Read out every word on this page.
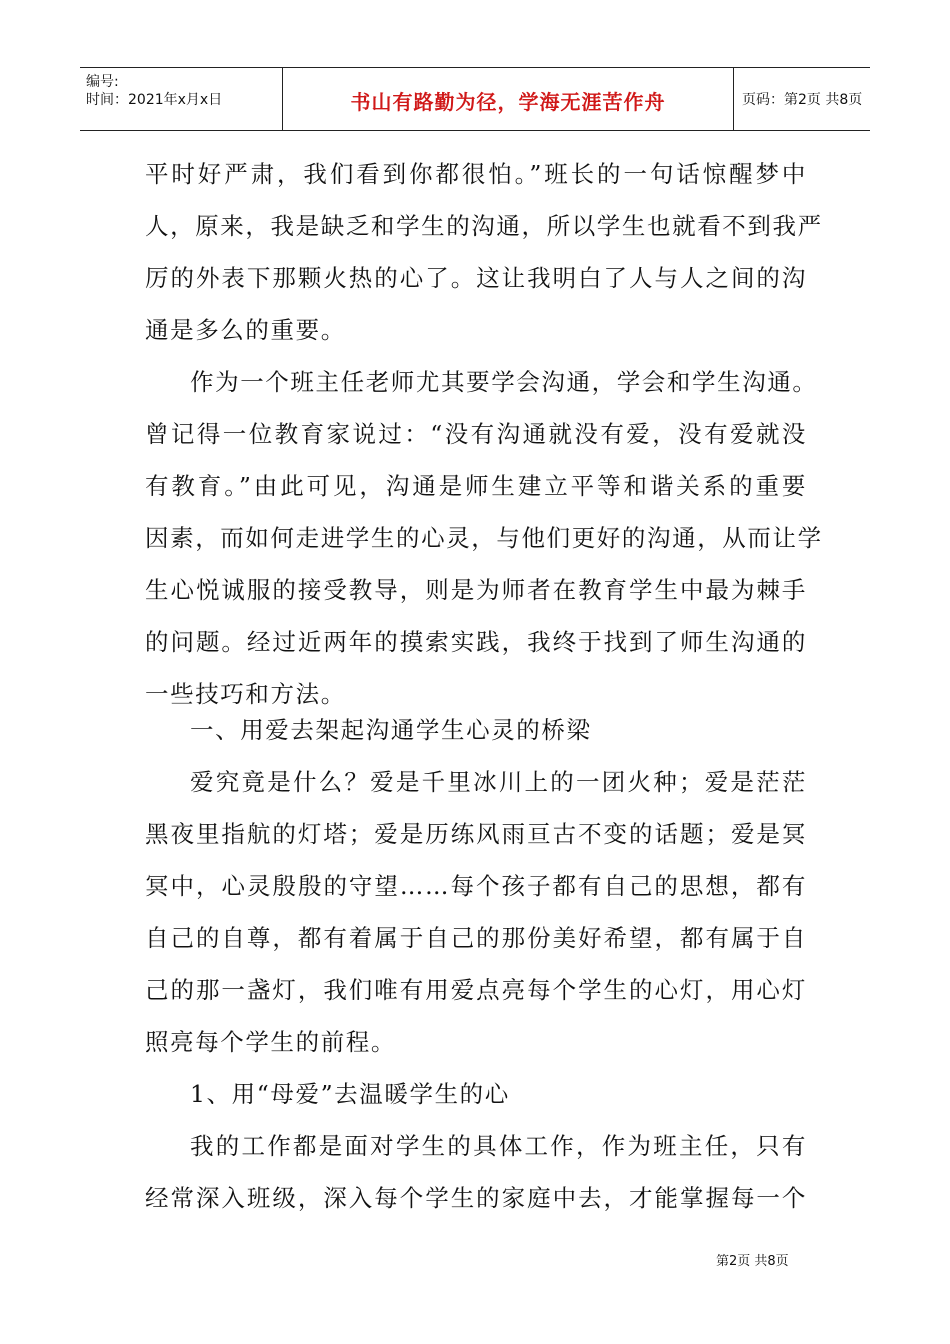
编号:
时间：2021年x月x日	书山有路勤为径，学海无涯苦作舟	页码：第2页 共8页
平时好严肃，我们看到你都很怕。”班长的一句话惊醒梦中
人，原来，我是缺乏和学生的沟通，所以学生也就看不到我严
厉的外表下那颗火热的心了。这让我明白了人与人之间的沟
通是多么的重要。
作为一个班主任老师尤其要学会沟通，学会和学生沟通。
曾记得一位教育家说过：“没有沟通就没有爱，没有爱就没
有教育。”由此可见，沟通是师生建立平等和谐关系的重要
因素，而如何走进学生的心灵，与他们更好的沟通，从而让学
生心悦诚服的接受教导，则是为师者在教育学生中最为棘手
的问题。经过近两年的摸索实践，我终于找到了师生沟通的
一些技巧和方法。
一、用爱去架起沟通学生心灵的桥梁
爱究竟是什么？爱是千里冰川上的一团火种；爱是茫茫
黑夜里指航的灯塔；爱是历练风雨亘古不变的话题；爱是冥
冥中，心灵殷殷的守望……每个孩子都有自己的思想，都有
自己的自尊，都有着属于自己的那份美好希望，都有属于自
己的那一盏灯，我们唯有用爱点亮每个学生的心灯，用心灯
照亮每个学生的前程。
1、用“母爱”去温暖学生的心
我的工作都是面对学生的具体工作，作为班主任，只有
经常深入班级，深入每个学生的家庭中去，才能掌握每一个
第2页 共8页
